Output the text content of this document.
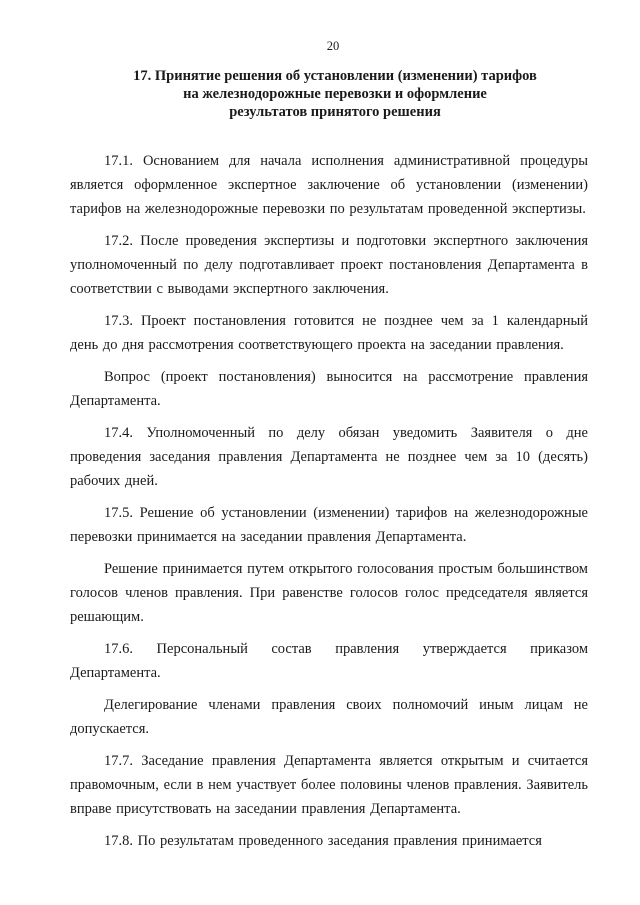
20
17. Принятие решения об установлении (изменении) тарифов
на железнодорожные перевозки и оформление
результатов принятого решения

17.1. Основанием для начала исполнения административной процедуры является оформленное экспертное заключение об установлении (изменении) тарифов на железнодорожные перевозки по результатам проведенной экспертизы.

17.2. После проведения экспертизы и подготовки экспертного заключения уполномоченный по делу подготавливает проект постановления Департамента в соответствии с выводами экспертного заключения.

17.3. Проект постановления готовится не позднее чем за 1 календарный день до дня рассмотрения соответствующего проекта на заседании правления.

Вопрос (проект постановления) выносится на рассмотрение правления Департамента.

17.4. Уполномоченный по делу обязан уведомить Заявителя о дне проведения заседания правления Департамента не позднее чем за 10 (десять) рабочих дней.

17.5. Решение об установлении (изменении) тарифов на железнодорожные перевозки принимается на заседании правления Департамента.

Решение принимается путем открытого голосования простым большинством голосов членов правления. При равенстве голосов голос председателя является решающим.

17.6. Персональный состав правления утверждается приказом Департамента.

Делегирование членами правления своих полномочий иным лицам не допускается.

17.7. Заседание правления Департамента является открытым и считается правомочным, если в нем участвует более половины членов правления. Заявитель вправе присутствовать на заседании правления Департамента.

17.8. По результатам проведенного заседания правления принимается
